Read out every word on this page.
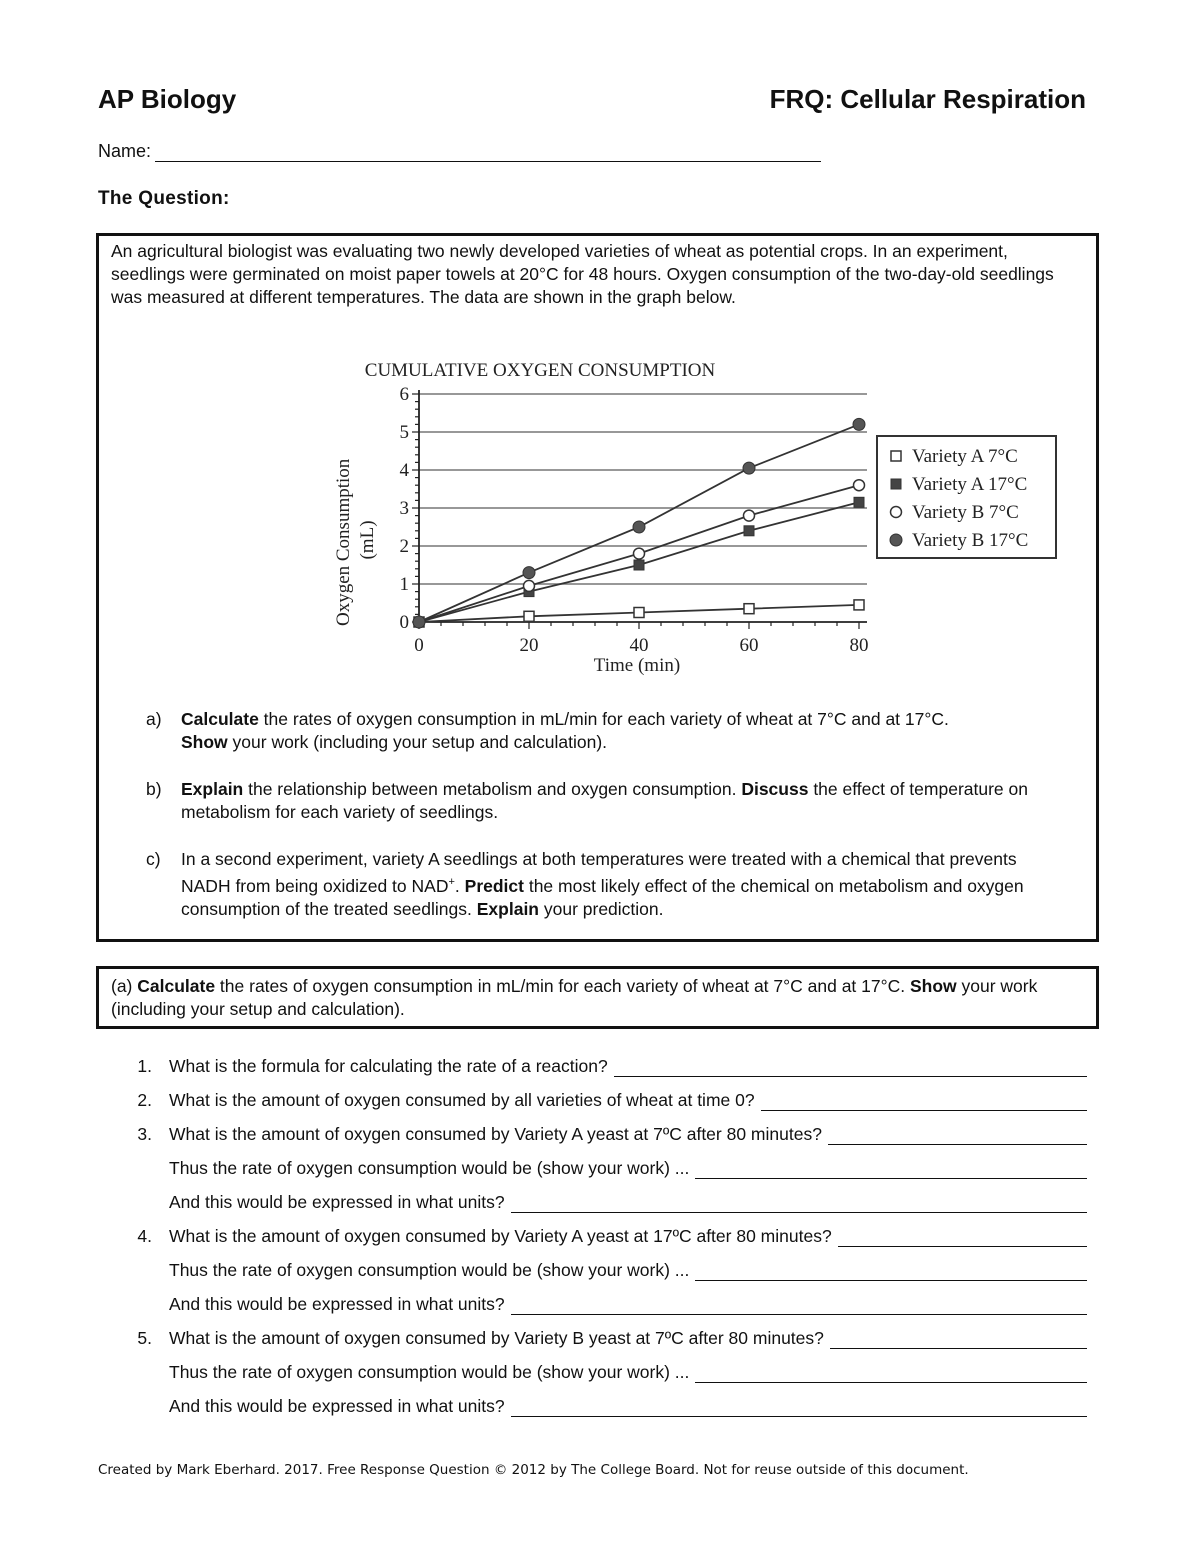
AP Biology	FRQ: Cellular Respiration
Name:
The Question:
An agricultural biologist was evaluating two newly developed varieties of wheat as potential crops. In an experiment, seedlings were germinated on moist paper towels at 20°C for 48 hours. Oxygen consumption of the two-day-old seedlings was measured at different temperatures. The data are shown in the graph below.
CUMULATIVE OXYGEN CONSUMPTION
0	20	40	60	80
0
1
2
3
4
5
6
Time (min)
Oxygen Consumption (mL)
Variety A 7°C
Variety A 17°C
Variety B 7°C
Variety B 17°C
a) Calculate the rates of oxygen consumption in mL/min for each variety of wheat at 7°C and at 17°C.
Show your work (including your setup and calculation).
b) Explain the relationship between metabolism and oxygen consumption. Discuss the effect of temperature on metabolism for each variety of seedlings.
c) In a second experiment, variety A seedlings at both temperatures were treated with a chemical that prevents NADH from being oxidized to NAD+. Predict the most likely effect of the chemical on metabolism and oxygen consumption of the treated seedlings. Explain your prediction.
(a) Calculate the rates of oxygen consumption in mL/min for each variety of wheat at 7°C and at 17°C. Show your work (including your setup and calculation).
1. What is the formula for calculating the rate of a reaction?
2. What is the amount of oxygen consumed by all varieties of wheat at time 0?
3. What is the amount of oxygen consumed by Variety A yeast at 7ºC after 80 minutes?
Thus the rate of oxygen consumption would be (show your work) ...
And this would be expressed in what units?
4. What is the amount of oxygen consumed by Variety A yeast at 17ºC after 80 minutes?
Thus the rate of oxygen consumption would be (show your work) ...
And this would be expressed in what units?
5. What is the amount of oxygen consumed by Variety B yeast at 7ºC after 80 minutes?
Thus the rate of oxygen consumption would be (show your work) ...
And this would be expressed in what units?
Created by Mark Eberhard. 2017. Free Response Question © 2012 by The College Board. Not for reuse outside of this document.
